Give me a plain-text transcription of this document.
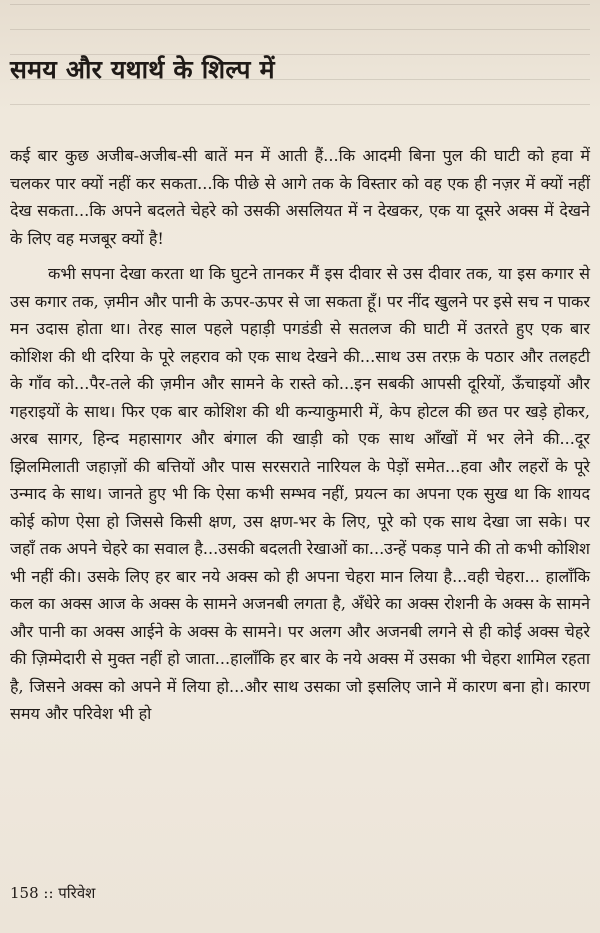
समय और यथार्थ के शिल्प में

कई बार कुछ अजीब-अजीब-सी बातें मन में आती हैं...कि आदमी बिना पुल की घाटी को हवा में चलकर पार क्यों नहीं कर सकता...कि पीछे से आगे तक के विस्तार को वह एक ही नज़र में क्यों नहीं देख सकता...कि अपने बदलते चेहरे को उसकी असलियत में न देखकर, एक या दूसरे अक्स में देखने के लिए वह मजबूर क्यों है!

कभी सपना देखा करता था कि घुटने तानकर मैं इस दीवार से उस दीवार तक, या इस कगार से उस कगार तक, ज़मीन और पानी के ऊपर-ऊपर से जा सकता हूँ। पर नींद खुलने पर इसे सच न पाकर मन उदास होता था। तेरह साल पहले पहाड़ी पगडंडी से सतलज की घाटी में उतरते हुए एक बार कोशिश की थी दरिया के पूरे लहराव को एक साथ देखने की...साथ उस तरफ़ के पठार और तलहटी के गाँव को...पैर-तले की ज़मीन और सामने के रास्ते को...इन सबकी आपसी दूरियों, ऊँचाइयों और गहराइयों के साथ। फिर एक बार कोशिश की थी कन्याकुमारी में, केप होटल की छत पर खड़े होकर, अरब सागर, हिन्द महासागर और बंगाल की खाड़ी को एक साथ आँखों में भर लेने की...दूर झिलमिलाती जहाज़ों की बत्तियों और पास सरसराते नारियल के पेड़ों समेत...हवा और लहरों के पूरे उन्माद के साथ। जानते हुए भी कि ऐसा कभी सम्भव नहीं, प्रयत्न का अपना एक सुख था कि शायद कोई कोण ऐसा हो जिससे किसी क्षण, उस क्षण-भर के लिए, पूरे को एक साथ देखा जा सके। पर जहाँ तक अपने चेहरे का सवाल है...उसकी बदलती रेखाओं का...उन्हें पकड़ पाने की तो कभी कोशिश भी नहीं की। उसके लिए हर बार नये अक्स को ही अपना चेहरा मान लिया है...वही चेहरा... हालाँकि कल का अक्स आज के अक्स के सामने अजनबी लगता है, अँधेरे का अक्स रोशनी के अक्स के सामने और पानी का अक्स आईने के अक्स के सामने। पर अलग और अजनबी लगने से ही कोई अक्स चेहरे की ज़िम्मेदारी से मुक्त नहीं हो जाता...हालाँकि हर बार के नये अक्स में उसका भी चेहरा शामिल रहता है, जिसने अक्स को अपने में लिया हो...और साथ उसका जो इसलिए जाने में कारण बना हो। कारण समय और परिवेश भी हो

158 :: परिवेश
